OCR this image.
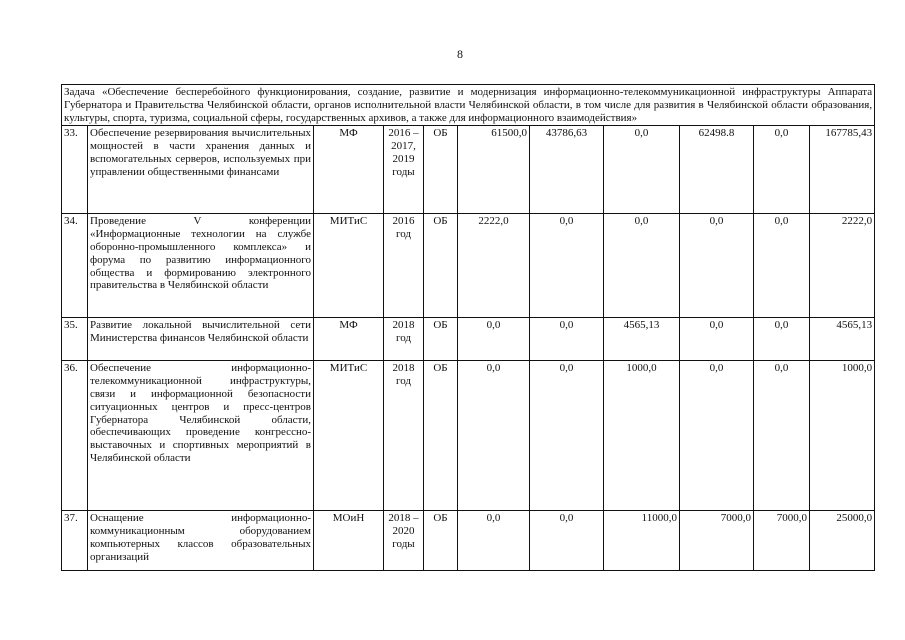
8
Задача «Обеспечение бесперебойного функционирования, создание, развитие и модернизация информационно-телекоммуникационной инфраструктуры Аппарата Губернатора и Правительства Челябинской области, органов исполнительной власти Челябинской области, в том числе для развития в Челябинской области образования, культуры, спорта, туризма, социальной сферы, государственных архивов, а также для информационного взаимодействия»										
33.	Обеспечение резервирования вычислительных мощностей в части хранения данных и вспомогательных серверов, используемых при управлении общественными финансами	МФ	2016 – 2017, 2019 годы	ОБ	61500,0	43786,63	0,0	62498.8	0,0	167785,43
34.	Проведение V конференции «Информационные технологии на службе оборонно-промышленного комплекса» и форума по развитию информационного общества и формированию электронного правительства в Челябинской области	МИТиС	2016 год	ОБ	2222,0	0,0	0,0	0,0	0,0	2222,0
35.	Развитие локальной вычислительной сети Министерства финансов Челябинской области	МФ	2018 год	ОБ	0,0	0,0	4565,13	0,0	0,0	4565,13
36.	Обеспечение информационно-телекоммуникационной инфраструктуры, связи и информационной безопасности ситуационных центров и пресс-центров Губернатора Челябинской области, обеспечивающих проведение конгрессно-выставочных и спортивных мероприятий в Челябинской области	МИТиС	2018 год	ОБ	0,0	0,0	1000,0	0,0	0,0	1000,0
37.	Оснащение информационно-коммуникационным оборудованием компьютерных классов образовательных организаций	МОиН	2018 – 2020 годы	ОБ	0,0	0,0	11000,0	7000,0	7000,0	25000,0
